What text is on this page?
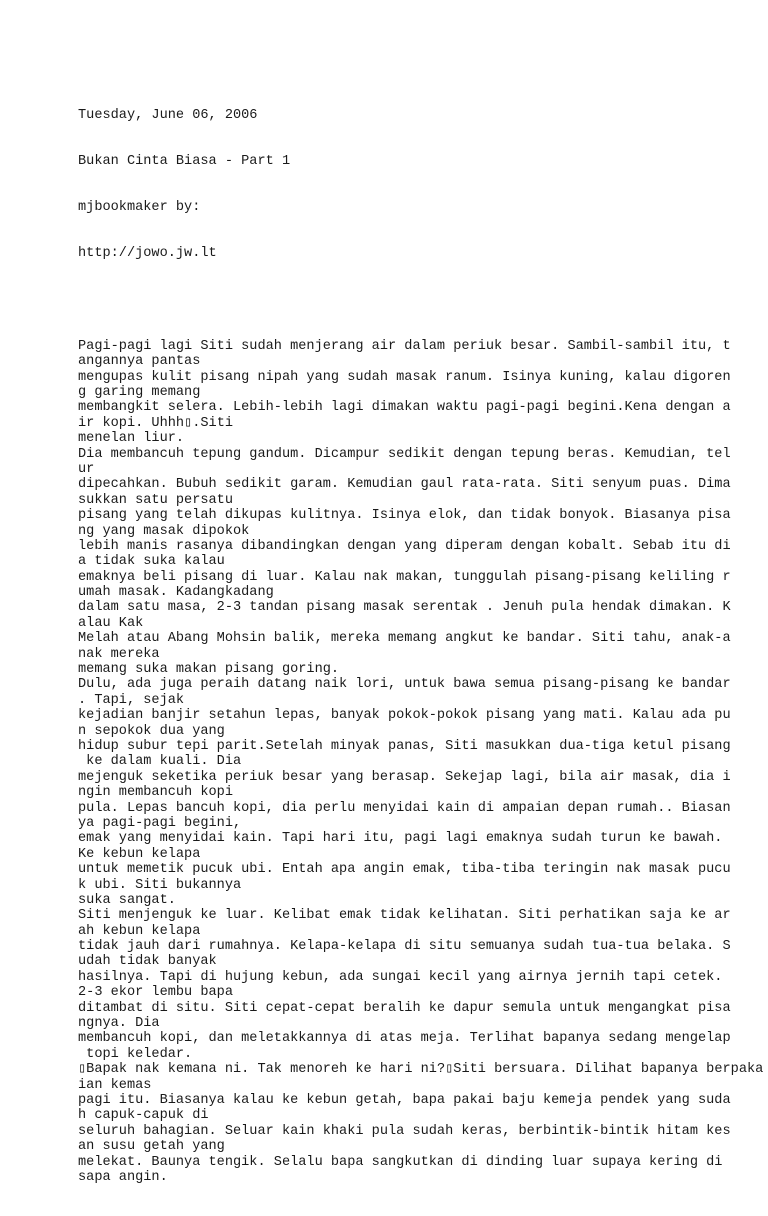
Tuesday, June 06, 2006

Bukan Cinta Biasa - Part 1

mjbookmaker by:

http://jowo.jw.lt

Pagi-pagi lagi Siti sudah menjerang air dalam periuk besar. Sambil-sambil itu, t
angannya pantas
mengupas kulit pisang nipah yang sudah masak ranum. Isinya kuning, kalau digoren
g garing memang
membangkit selera. Lebih-lebih lagi dimakan waktu pagi-pagi begini.Kena dengan a
ir kopi. Uhhh▯.Siti
menelan liur.
Dia membancuh tepung gandum. Dicampur sedikit dengan tepung beras. Kemudian, tel
ur
dipecahkan. Bubuh sedikit garam. Kemudian gaul rata-rata. Siti senyum puas. Dima
sukkan satu persatu
pisang yang telah dikupas kulitnya. Isinya elok, dan tidak bonyok. Biasanya pisa
ng yang masak dipokok
lebih manis rasanya dibandingkan dengan yang diperam dengan kobalt. Sebab itu di
a tidak suka kalau
emaknya beli pisang di luar. Kalau nak makan, tunggulah pisang-pisang keliling r
umah masak. Kadangkadang
dalam satu masa, 2-3 tandan pisang masak serentak . Jenuh pula hendak dimakan. K
alau Kak
Melah atau Abang Mohsin balik, mereka memang angkut ke bandar. Siti tahu, anak-a
nak mereka
memang suka makan pisang goring.
Dulu, ada juga peraih datang naik lori, untuk bawa semua pisang-pisang ke bandar
. Tapi, sejak
kejadian banjir setahun lepas, banyak pokok-pokok pisang yang mati. Kalau ada pu
n sepokok dua yang
hidup subur tepi parit.Setelah minyak panas, Siti masukkan dua-tiga ketul pisang
ke dalam kuali. Dia
mejenguk seketika periuk besar yang berasap. Sekejap lagi, bila air masak, dia i
ngin membancuh kopi
pula. Lepas bancuh kopi, dia perlu menyidai kain di ampaian depan rumah.. Biasan
ya pagi-pagi begini,
emak yang menyidai kain. Tapi hari itu, pagi lagi emaknya sudah turun ke bawah.
Ke kebun kelapa
untuk memetik pucuk ubi. Entah apa angin emak, tiba-tiba teringin nak masak pucu
k ubi. Siti bukannya
suka sangat.
Siti menjenguk ke luar. Kelibat emak tidak kelihatan. Siti perhatikan saja ke ar
ah kebun kelapa
tidak jauh dari rumahnya. Kelapa-kelapa di situ semuanya sudah tua-tua belaka. S
udah tidak banyak
hasilnya. Tapi di hujung kebun, ada sungai kecil yang airnya jernih tapi cetek.
2-3 ekor lembu bapa
ditambat di situ. Siti cepat-cepat beralih ke dapur semula untuk mengangkat pisa
ngnya. Dia
membancuh kopi, dan meletakkannya di atas meja. Terlihat bapanya sedang mengelap
topi keledar.
▯Bapak nak kemana ni. Tak menoreh ke hari ni?▯Siti bersuara. Dilihat bapanya berpaka
ian kemas
pagi itu. Biasanya kalau ke kebun getah, bapa pakai baju kemeja pendek yang suda
h capuk-capuk di
seluruh bahagian. Seluar kain khaki pula sudah keras, berbintik-bintik hitam kes
an susu getah yang
melekat. Baunya tengik. Selalu bapa sangkutkan di dinding luar supaya kering di
sapa angin.
